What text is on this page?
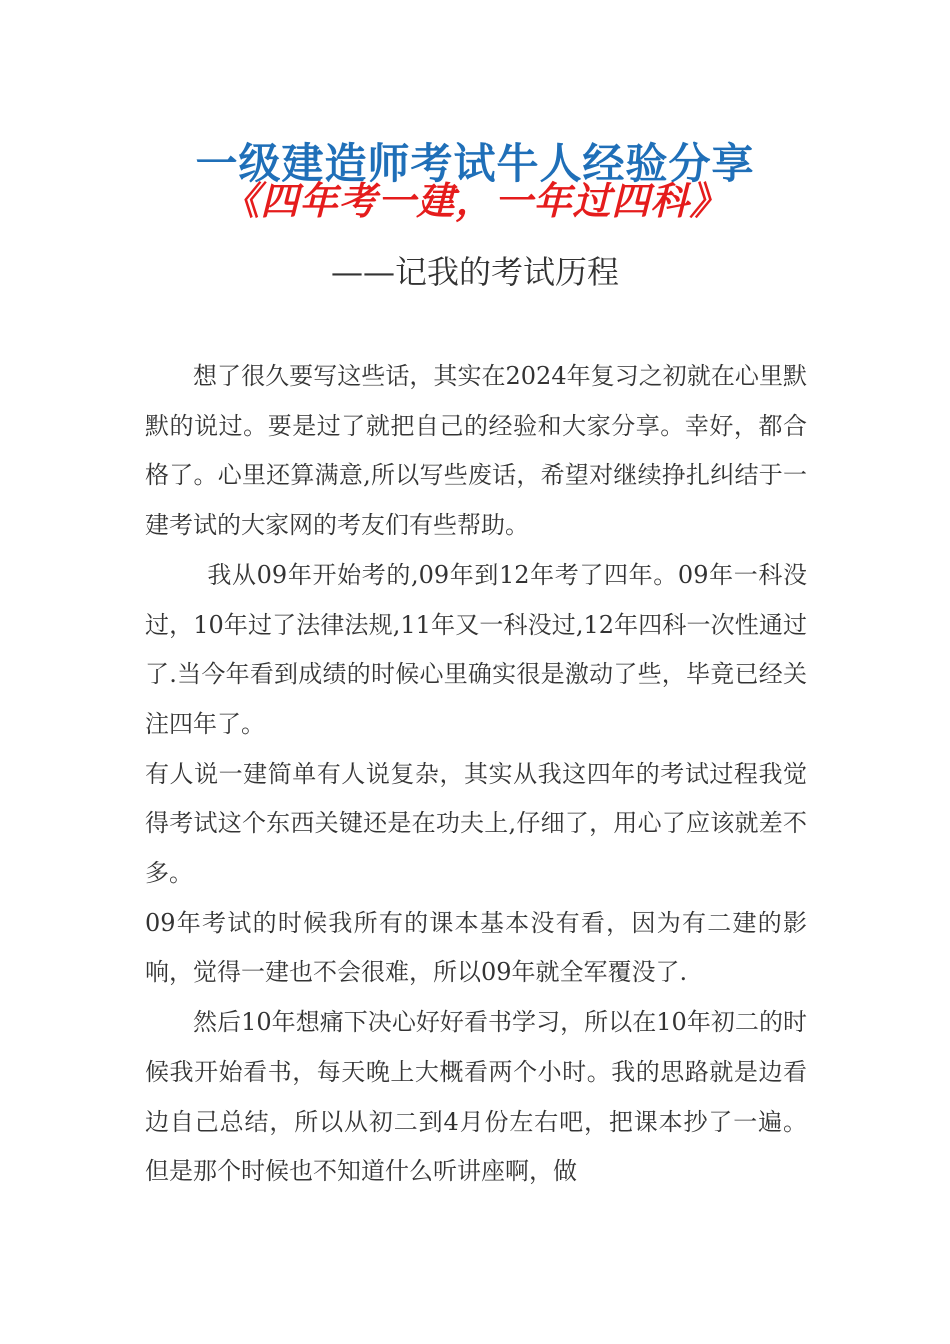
一级建造师考试牛人经验分享
《四年考一建，一年过四科》
——记我的考试历程

想了很久要写这些话，其实在2024年复习之初就在心里默默的说过。要是过了就把自己的经验和大家分享。幸好，都合格了。心里还算满意,所以写些废话，希望对继续挣扎纠结于一建考试的大家网的考友们有些帮助。

我从09年开始考的,09年到12年考了四年。09年一科没过，10年过了法律法规,11年又一科没过,12年四科一次性通过了.当今年看到成绩的时候心里确实很是激动了些，毕竟已经关注四年了。

有人说一建简单有人说复杂，其实从我这四年的考试过程我觉得考试这个东西关键还是在功夫上,仔细了，用心了应该就差不多。

09年考试的时候我所有的课本基本没有看，因为有二建的影响，觉得一建也不会很难，所以09年就全军覆没了.

然后10年想痛下决心好好看书学习，所以在10年初二的时候我开始看书，每天晚上大概看两个小时。我的思路就是边看边自己总结，所以从初二到4月份左右吧，把课本抄了一遍。但是那个时候也不知道什么听讲座啊，做
